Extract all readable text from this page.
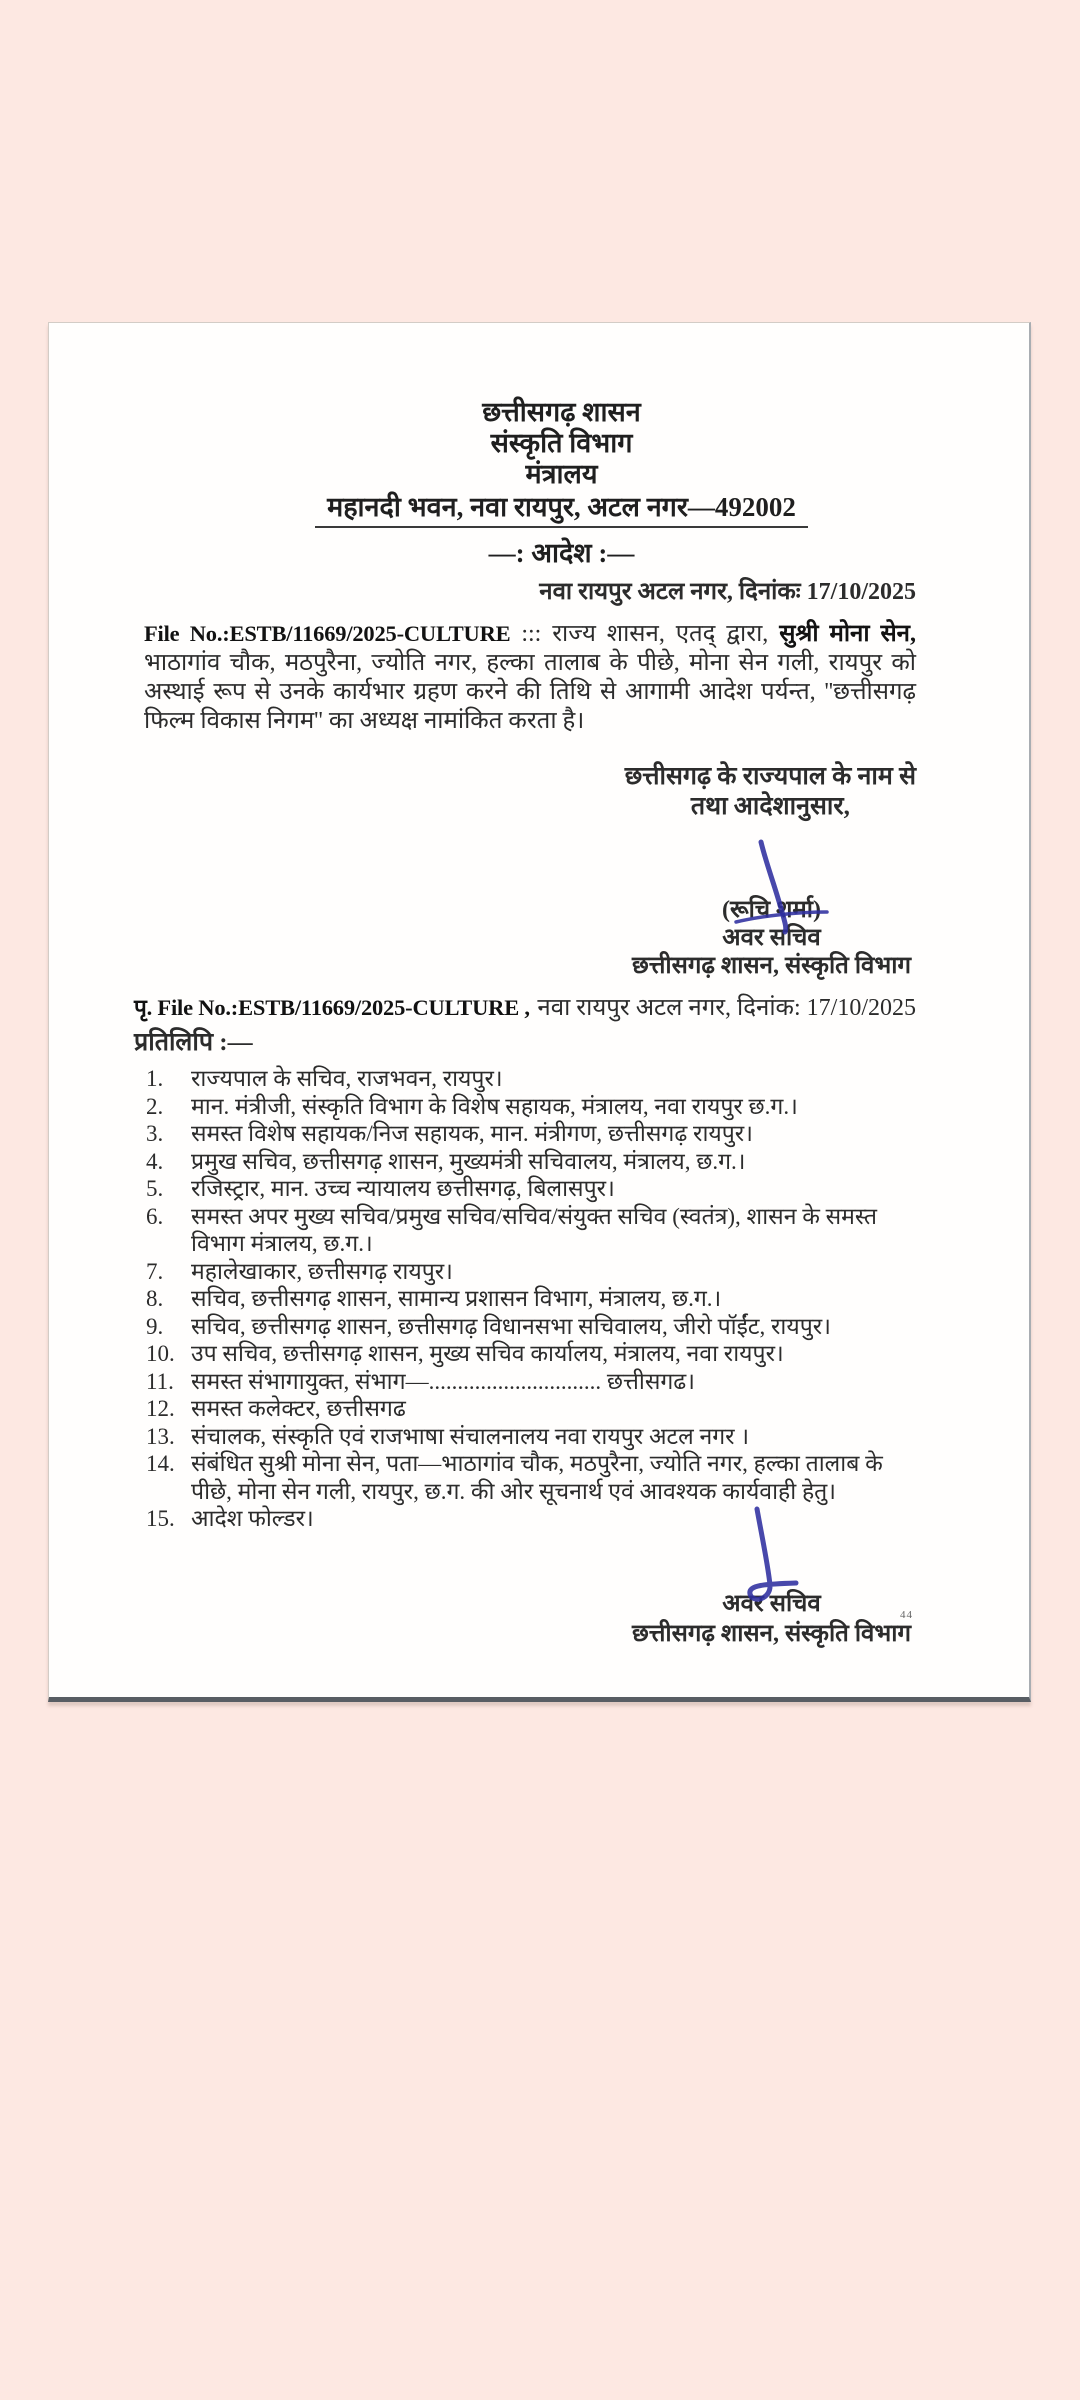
छत्तीसगढ़ शासन
संस्कृति विभाग
मंत्रालय
महानदी भवन, नवा रायपुर, अटल नगर—492002
—: आदेश :—
नवा रायपुर अटल नगर, दिनांकः 17/10/2025

File No.:ESTB/11669/2025-CULTURE ::: राज्य शासन, एतद् द्वारा, सुश्री मोना सेन, भाठागांव चौक, मठपुरैना, ज्योति नगर, हल्का तालाब के पीछे, मोना सेन गली, रायपुर को अस्थाई रूप से उनके कार्यभार ग्रहण करने की तिथि से आगामी आदेश पर्यन्त, ''छत्तीसगढ़ फिल्म विकास निगम'' का अध्यक्ष नामांकित करता है।

छत्तीसगढ़ के राज्यपाल के नाम से
तथा आदेशानुसार,
(रूचि शर्मा)
अवर सचिव
छत्तीसगढ़ शासन, संस्कृति विभाग
पृ. File No.:ESTB/11669/2025-CULTURE , नवा रायपुर अटल नगर, दिनांक: 17/10/2025
प्रतिलिपि :—
राज्यपाल के सचिव, राजभवन, रायपुर।
मान. मंत्रीजी, संस्कृति विभाग के विशेष सहायक, मंत्रालय, नवा रायपुर छ.ग.।
समस्त विशेष सहायक/निज सहायक, मान. मंत्रीगण, छत्तीसगढ़ रायपुर।
प्रमुख सचिव, छत्तीसगढ़ शासन, मुख्यमंत्री सचिवालय, मंत्रालय, छ.ग.।
रजिस्ट्रार, मान. उच्च न्यायालय छत्तीसगढ़, बिलासपुर।
समस्त अपर मुख्य सचिव/प्रमुख सचिव/सचिव/संयुक्त सचिव (स्वतंत्र), शासन के समस्त विभाग मंत्रालय, छ.ग.।
महालेखाकार, छत्तीसगढ़ रायपुर।
सचिव, छत्तीसगढ़ शासन, सामान्य प्रशासन विभाग, मंत्रालय, छ.ग.।
सचिव, छत्तीसगढ़ शासन, छत्तीसगढ़ विधानसभा सचिवालय, जीरो पॉईंट, रायपुर।
उप सचिव, छत्तीसगढ़ शासन, मुख्य सचिव कार्यालय, मंत्रालय, नवा रायपुर।
समस्त संभागायुक्त, संभाग—.............................. छत्तीसगढ।
समस्त कलेक्टर, छत्तीसगढ
संचालक, संस्कृति एवं राजभाषा संचालनालय नवा रायपुर अटल नगर ।
संबंधित सुश्री मोना सेन, पता—भाठागांव चौक, मठपुरैना, ज्योति नगर, हल्का तालाब के पीछे, मोना सेन गली, रायपुर, छ.ग. की ओर सूचनार्थ एवं आवश्यक कार्यवाही हेतु।
आदेश फोल्डर।
अवर सचिव
छत्तीसगढ़ शासन, संस्कृति विभाग
44
